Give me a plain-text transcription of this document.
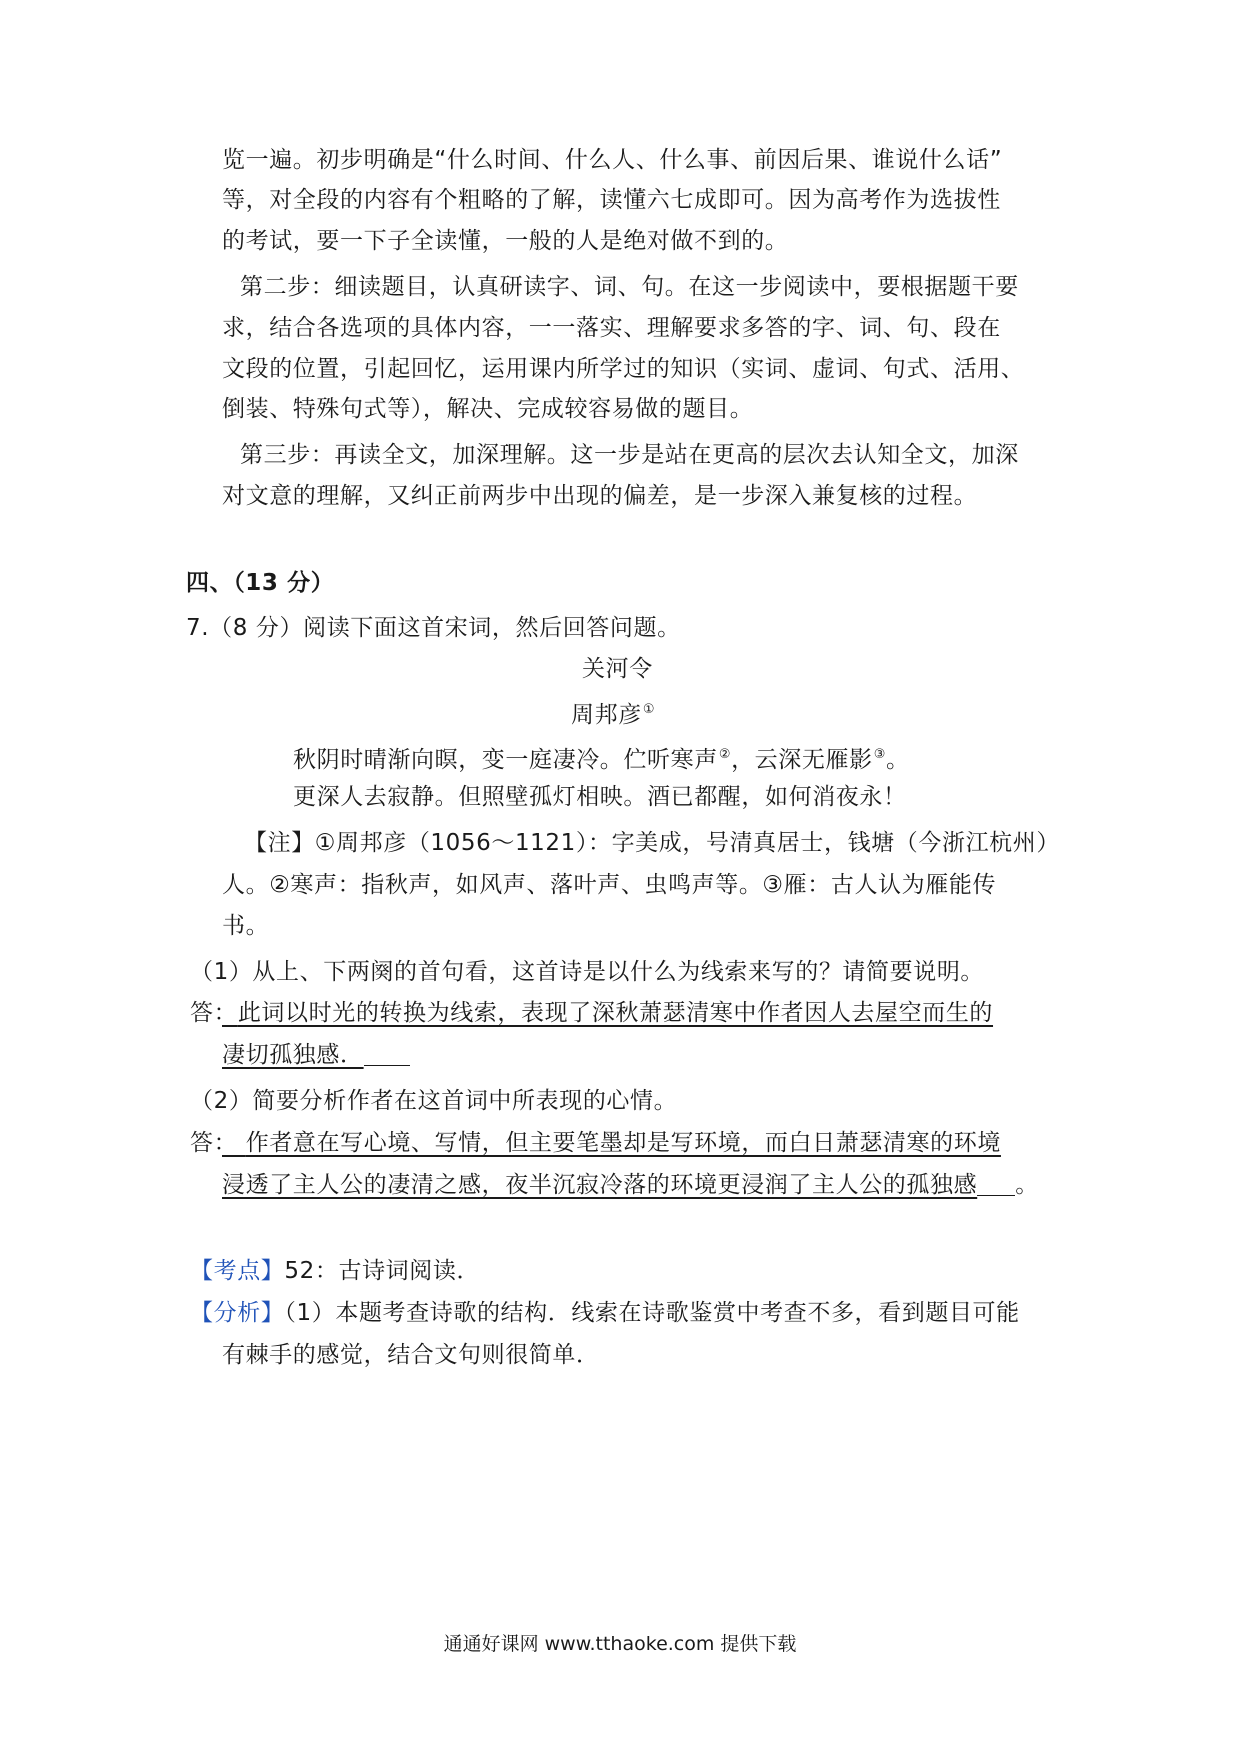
览一遍。初步明确是“什么时间、什么人、什么事、前因后果、谁说什么话”
等，对全段的内容有个粗略的了解，读懂六七成即可。因为高考作为选拔性
的考试，要一下子全读懂，一般的人是绝对做不到的。
第二步：细读题目，认真研读字、词、句。在这一步阅读中，要根据题干要
求，结合各选项的具体内容，一一落实、理解要求多答的字、词、句、段在
文段的位置，引起回忆，运用课内所学过的知识（实词、虚词、句式、活用、
倒装、特殊句式等），解决、完成较容易做的题目。
第三步：再读全文，加深理解。这一步是站在更高的层次去认知全文，加深
对文意的理解，又纠正前两步中出现的偏差，是一步深入兼复核的过程。
四、（13 分）
7.（8 分）阅读下面这首宋词，然后回答问题。
关河令
周邦彦①
秋阴时晴渐向暝，变一庭凄冷。伫听寒声②，云深无雁影③。
更深人去寂静。但照壁孤灯相映。酒已都醒，如何消夜永！
【注】①周邦彦（1056～1121）：字美成，号清真居士，钱塘（今浙江杭州）
人。②寒声：指秋声，如风声、落叶声、虫鸣声等。③雁：古人认为雁能传
书。
（1）从上、下两阕的首句看，这首诗是以什么为线索来写的？请简要说明。
答： 此词以时光的转换为线索，表现了深秋萧瑟清寒中作者因人去屋空而生的
凄切孤独感．
（2）简要分析作者在这首词中所表现的心情。
答： 作者意在写心境、写情，但主要笔墨却是写环境，而白日萧瑟清寒的环境
浸透了主人公的凄清之感，夜半沉寂冷落的环境更浸润了主人公的孤独感 。
【考点】52：古诗词阅读．
【分析】（1）本题考查诗歌的结构．线索在诗歌鉴赏中考查不多，看到题目可能
有棘手的感觉，结合文句则很简单．
通通好课网 www.tthaoke.com 提供下载
